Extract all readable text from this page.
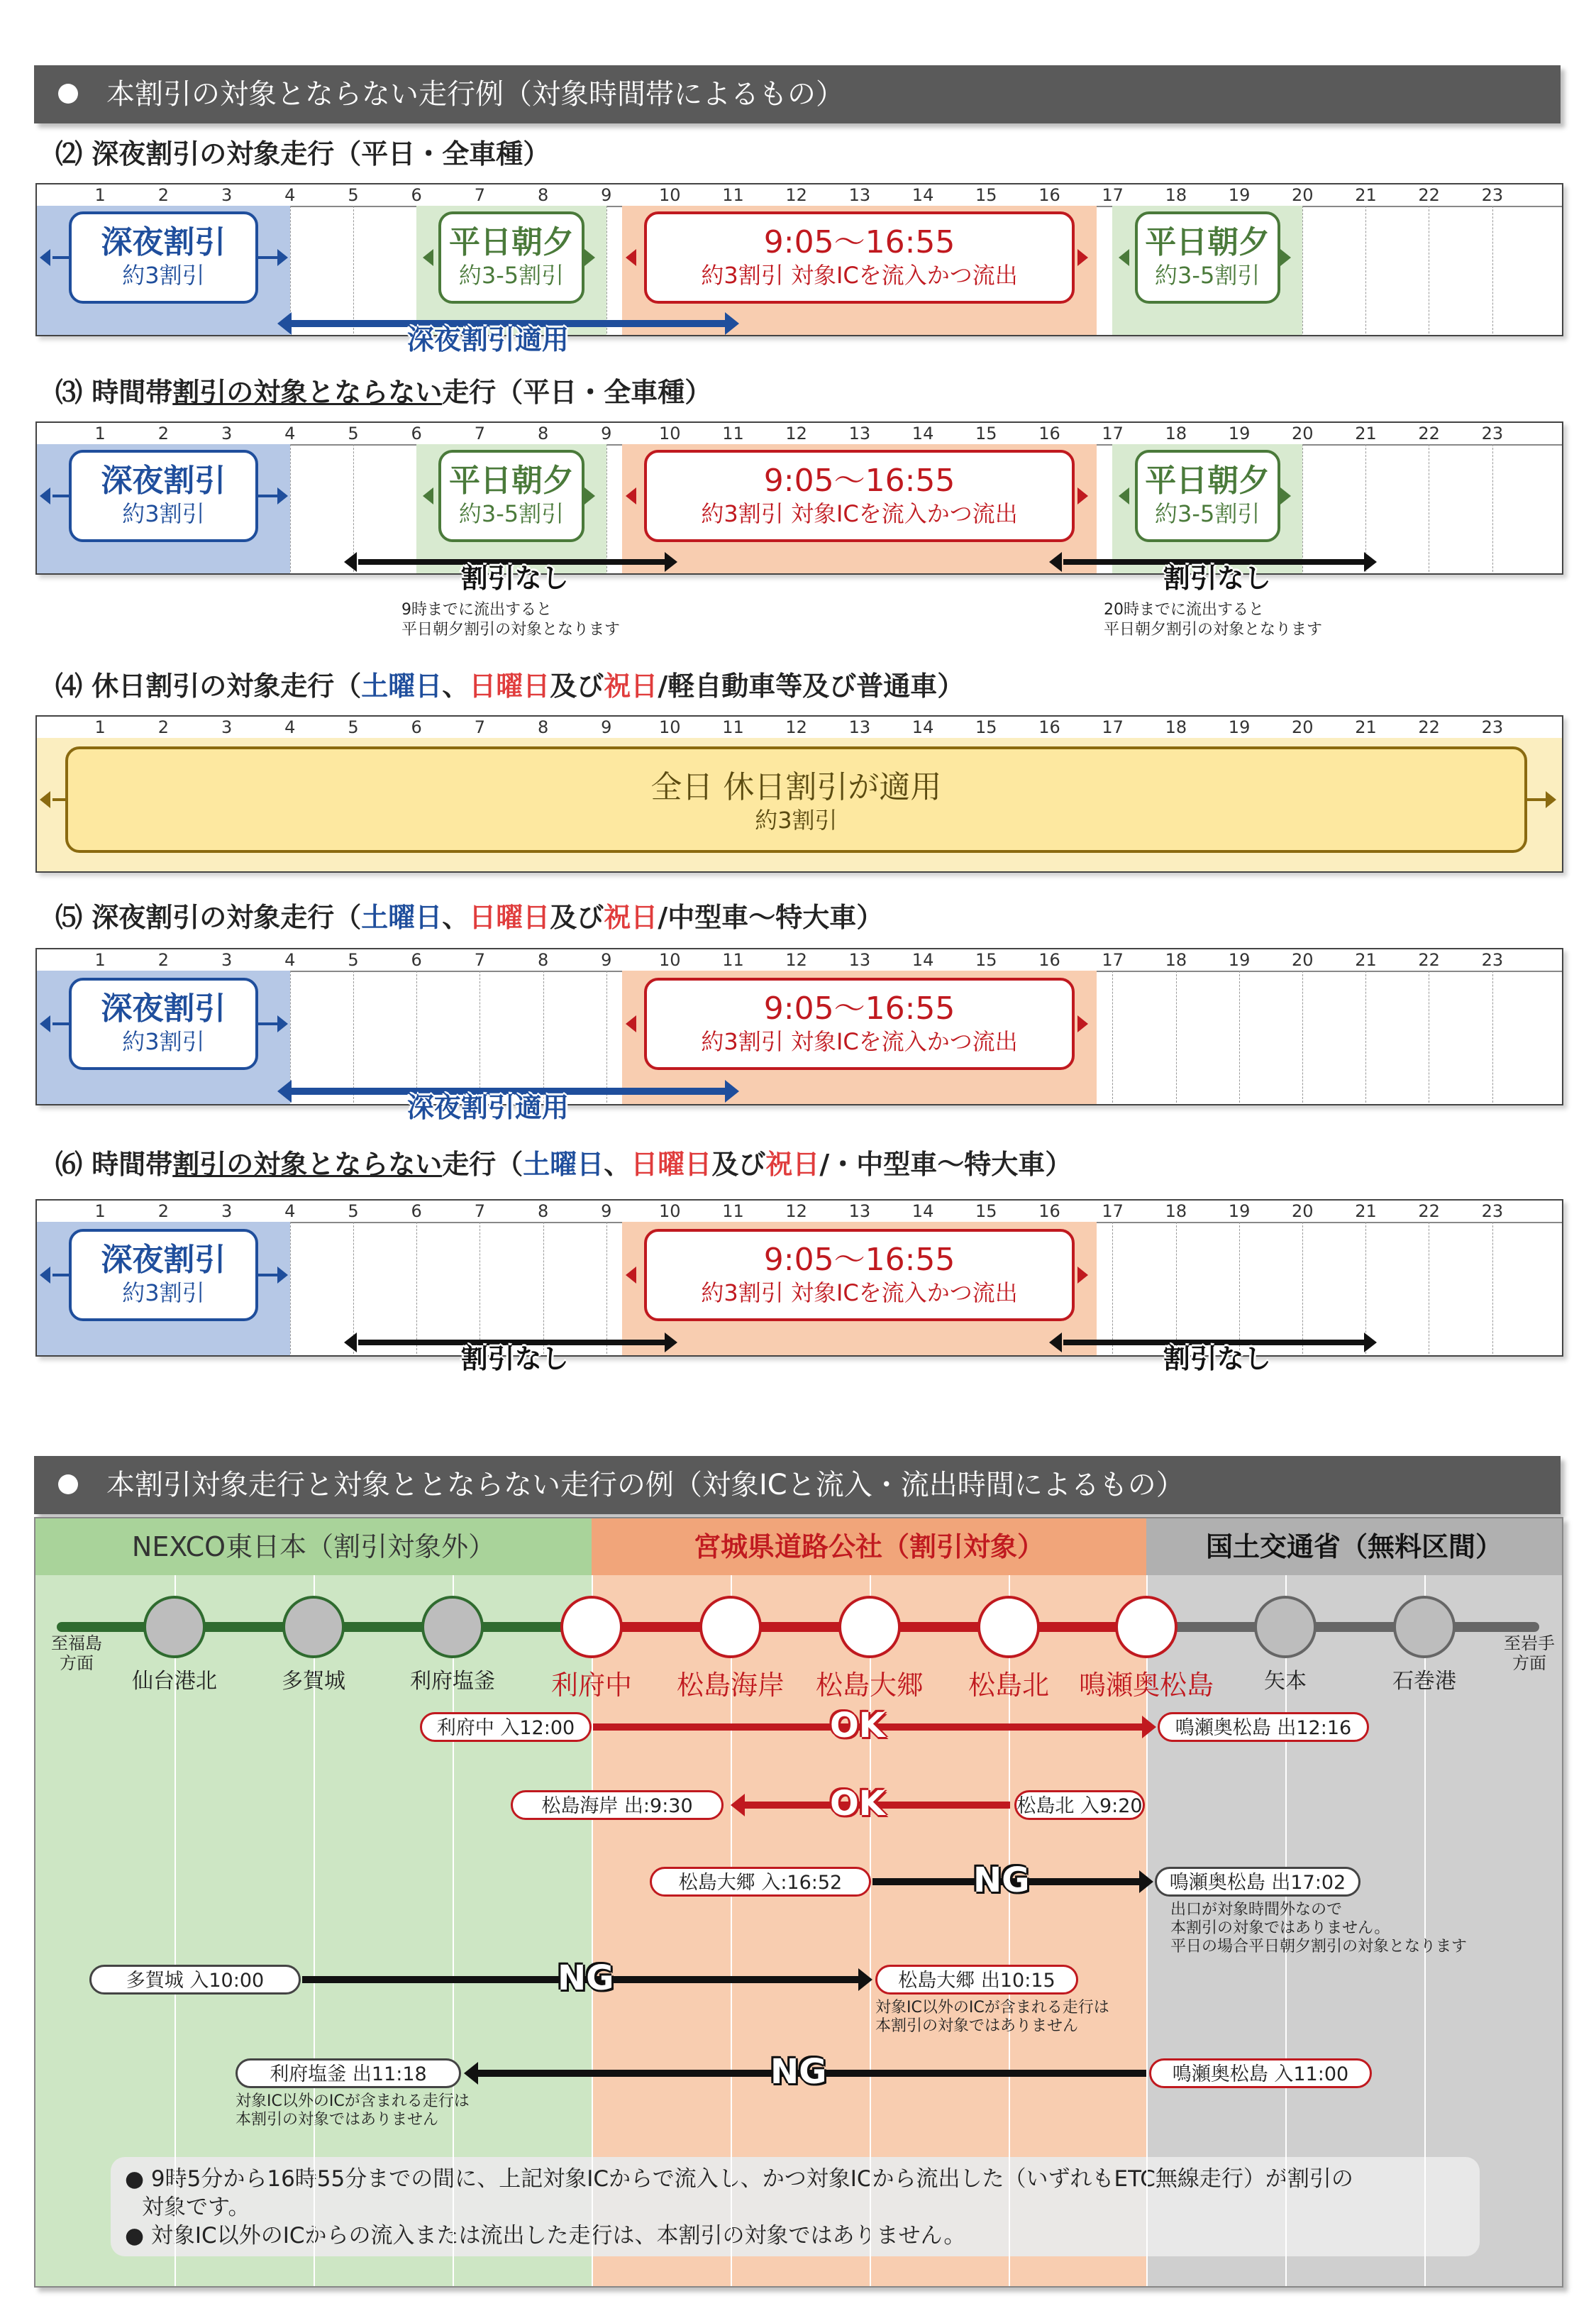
本割引の対象とならない走行例（対象時間帯によるもの）
⑵ 深夜割引の対象走行（平日・全車種）
1	2	3	4	5	6	7	8	9	10 11 12 13 14 15 16 17 18 19 20 21 22 23
深夜割引
約3割引
平日朝夕
約3-5割引
平日朝夕
約3-5割引
9:05～16:55
約3割引 対象ICを流入かつ流出
深夜割引適用
⑶ 時間帯割引の対象とならない走行（平日・全車種）
1	2	3	4	5	6	7	8	9	10 11 12 13 14 15 16 17 18 19 20 21 22 23
深夜割引
約3割引
平日朝夕
約3-5割引
平日朝夕
約3-5割引
9:05～16:55
約3割引 対象ICを流入かつ流出
割引なし	割引なし
9時までに流出すると
平日朝夕割引の対象となります
20時までに流出すると
平日朝夕割引の対象となります
⑷ 休日割引の対象走行（土曜日、日曜日及び祝日/軽自動車等及び普通車）
1	2	3	4	5	6	7	8	9	10 11 12 13 14 15 16 17 18 19 20 21 22 23
全日 休日割引が適用
約3割引
⑸ 深夜割引の対象走行（土曜日、日曜日及び祝日/中型車～特大車）
1	2	3	4	5	6	7	8	9	10 11 12 13 14 15 16 17 18 19 20 21 22 23
深夜割引
約3割引
9:05～16:55
約3割引 対象ICを流入かつ流出
深夜割引適用
⑹ 時間帯割引の対象とならない走行（土曜日、日曜日及び祝日/・中型車～特大車）
1	2	3	4	5	6	7	8	9	10 11 12 13 14 15 16 17 18 19 20 21 22 23
深夜割引
約3割引
9:05～16:55
約3割引 対象ICを流入かつ流出
割引なし	割引なし
本割引対象走行と対象ととならない走行の例（対象ICと流入・流出時間によるもの）
NEXCO東日本（割引対象外）	宮城県道路公社（割引対象）	国土交通省（無料区間）
至福島
方面
至岩手
方面
● 9時5分から16時55分までの間に、上記対象ICからで流入し、かつ対象ICから流出した（いずれもETC無線走行）が割引の
対象です。
● 対象IC以外のICからの流入または流出した走行は、本割引の対象ではありません。
仙台港北	多賀城	利府塩釜 利府中 松島海岸 松島大郷 松島北 鳴瀬奥松島 矢本	石巻港
利府中 入12:00	鳴瀬奥松島 出12:16
OK
松島海岸 出:9:30	松島北 入9:20
OK
松島大郷 入:16:52	鳴瀬奥松島 出17:02
NG
出口が対象時間外なので
本割引の対象ではありません。
平日の場合平日朝夕割引の対象となります
多賀城 入10:00	松島大郷 出10:15
NG
対象IC以外のICが含まれる走行は
本割引の対象ではありません
利府塩釜 出11:18	鳴瀬奥松島 入11:00
NG
対象IC以外のICが含まれる走行は
本割引の対象ではありません
